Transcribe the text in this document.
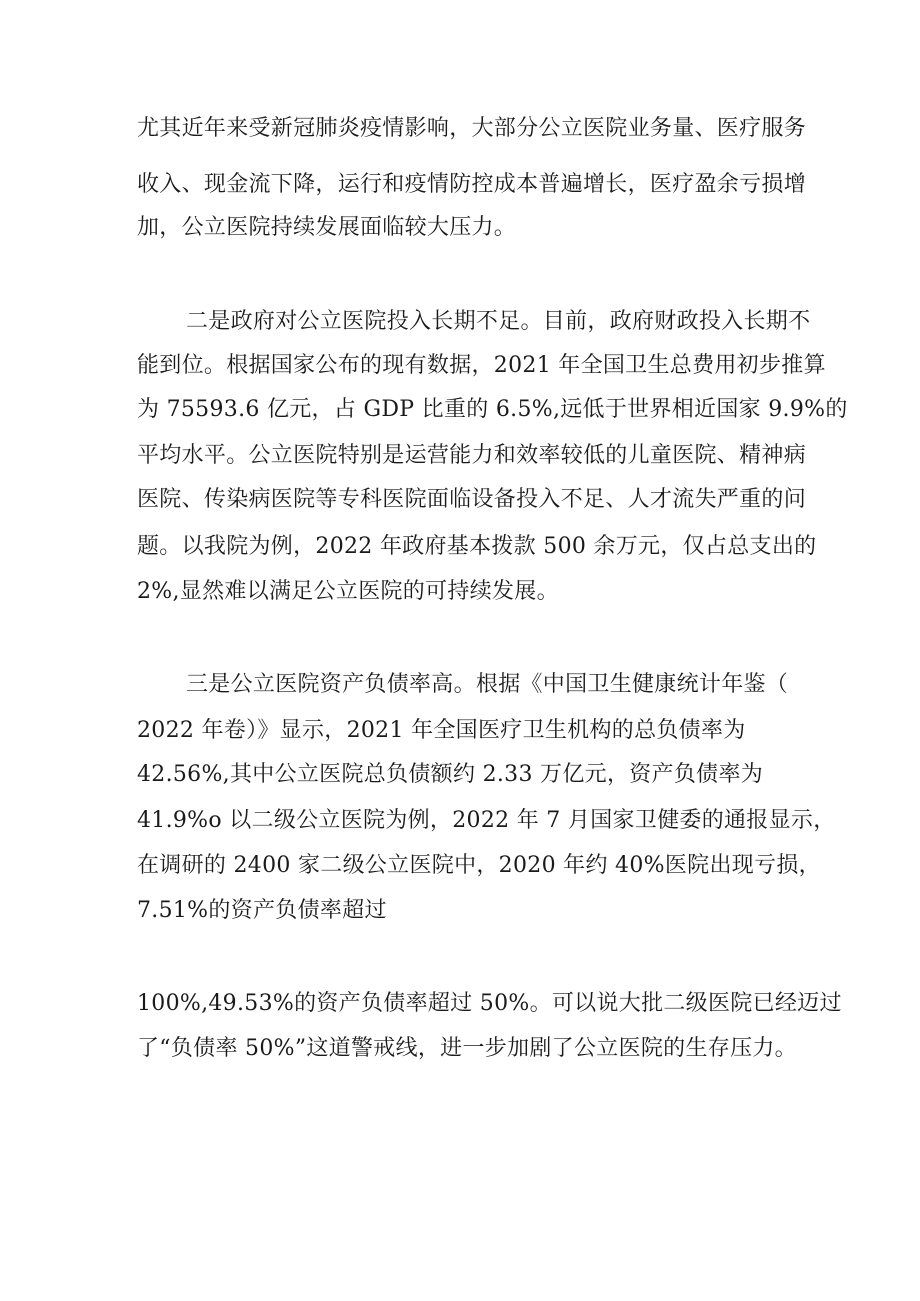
尤其近年来受新冠肺炎疫情影响，大部分公立医院业务量、医疗服务
收入、现金流下降，运行和疫情防控成本普遍增长，医疗盈余亏损增
加，公立医院持续发展面临较大压力。
二是政府对公立医院投入长期不足。目前，政府财政投入长期不
能到位。根据国家公布的现有数据，2021 年全国卫生总费用初步推算
为 75593.6 亿元，占 GDP 比重的 6.5%,远低于世界相近国家 9.9%的
平均水平。公立医院特别是运营能力和效率较低的儿童医院、精神病
医院、传染病医院等专科医院面临设备投入不足、人才流失严重的问
题。以我院为例，2022 年政府基本拨款 500 余万元，仅占总支出的
2%,显然难以满足公立医院的可持续发展。
三是公立医院资产负债率高。根据《中国卫生健康统计年鉴（
2022 年卷）》显示，2021 年全国医疗卫生机构的总负债率为
42.56%,其中公立医院总负债额约 2.33 万亿元，资产负债率为
41.9%o 以二级公立医院为例，2022 年 7 月国家卫健委的通报显示，
在调研的 2400 家二级公立医院中，2020 年约 40%医院出现亏损，
7.51%的资产负债率超过
100%,49.53%的资产负债率超过 50%。可以说大批二级医院已经迈过
了“负债率 50%”这道警戒线，进一步加剧了公立医院的生存压力。
